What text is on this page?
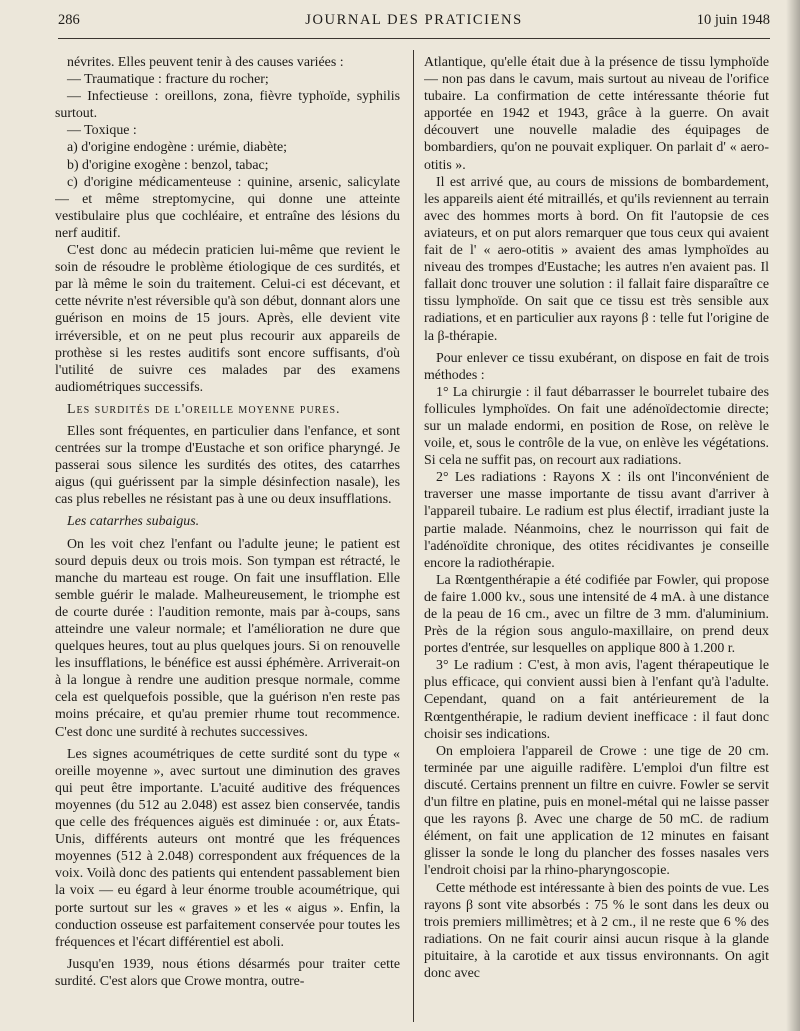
286	JOURNAL DES PRATICIENS	10 juin 1948

névrites. Elles peuvent tenir à des causes variées :

— Traumatique : fracture du rocher;

— Infectieuse : oreillons, zona, fièvre typhoïde, syphilis surtout.

— Toxique :

a) d'origine endogène : urémie, diabète;

b) d'origine exogène : benzol, tabac;

c) d'origine médicamenteuse : quinine, arsenic, salicylate — et même streptomycine, qui donne une atteinte vestibulaire plus que cochléaire, et entraîne des lésions du nerf auditif.

C'est donc au médecin praticien lui-même que revient le soin de résoudre le problème étiologique de ces surdités, et par là même le soin du traitement. Celui-ci est décevant, et cette névrite n'est réversible qu'à son début, donnant alors une guérison en moins de 15 jours. Après, elle devient vite irréversible, et on ne peut plus recourir aux appareils de prothèse si les restes auditifs sont encore suffisants, d'où l'utilité de suivre ces malades par des examens audiométriques successifs.

Les surdités de l'oreille moyenne pures.

Elles sont fréquentes, en particulier dans l'enfance, et sont centrées sur la trompe d'Eustache et son orifice pharyngé. Je passerai sous silence les surdités des otites, des catarrhes aigus (qui guérissent par la simple désinfection nasale), les cas plus rebelles ne résistant pas à une ou deux insufflations.

Les catarrhes subaigus.

On les voit chez l'enfant ou l'adulte jeune; le patient est sourd depuis deux ou trois mois. Son tympan est rétracté, le manche du marteau est rouge. On fait une insufflation. Elle semble guérir le malade. Malheureusement, le triomphe est de courte durée : l'audition remonte, mais par à-coups, sans atteindre une valeur normale; et l'amélioration ne dure que quelques heures, tout au plus quelques jours. Si on renouvelle les insufflations, le bénéfice est aussi éphémère. Arriverait-on à la longue à rendre une audition presque normale, comme cela est quelquefois possible, que la guérison n'en reste pas moins précaire, et qu'au premier rhume tout recommence. C'est donc une surdité à rechutes successives.

Les signes acoumétriques de cette surdité sont du type « oreille moyenne », avec surtout une diminution des graves qui peut être importante. L'acuité auditive des fréquences moyennes (du 512 au 2.048) est assez bien conservée, tandis que celle des fréquences aiguës est diminuée : or, aux États-Unis, différents auteurs ont montré que les fréquences moyennes (512 à 2.048) correspondent aux fréquences de la voix. Voilà donc des patients qui entendent passablement bien la voix — eu égard à leur énorme trouble acoumétrique, qui porte surtout sur les « graves » et les « aigus ». Enfin, la conduction osseuse est parfaitement conservée pour toutes les fréquences et l'écart différentiel est aboli.

Jusqu'en 1939, nous étions désarmés pour traiter cette surdité. C'est alors que Crowe montra, outre-

Atlantique, qu'elle était due à la présence de tissu lymphoïde — non pas dans le cavum, mais surtout au niveau de l'orifice tubaire. La confirmation de cette intéressante théorie fut apportée en 1942 et 1943, grâce à la guerre. On avait découvert une nouvelle maladie des équipages de bombardiers, qu'on ne pouvait expliquer. On parlait d' « aero-otitis ».

Il est arrivé que, au cours de missions de bombardement, les appareils aient été mitraillés, et qu'ils reviennent au terrain avec des hommes morts à bord. On fit l'autopsie de ces aviateurs, et on put alors remarquer que tous ceux qui avaient fait de l' « aero-otitis » avaient des amas lymphoïdes au niveau des trompes d'Eustache; les autres n'en avaient pas. Il fallait donc trouver une solution : il fallait faire disparaître ce tissu lymphoïde. On sait que ce tissu est très sensible aux radiations, et en particulier aux rayons β : telle fut l'origine de la β-thérapie.

Pour enlever ce tissu exubérant, on dispose en fait de trois méthodes :

1° La chirurgie : il faut débarrasser le bourrelet tubaire des follicules lymphoïdes. On fait une adénoïdectomie directe; sur un malade endormi, en position de Rose, on relève le voile, et, sous le contrôle de la vue, on enlève les végétations. Si cela ne suffit pas, on recourt aux radiations.

2° Les radiations : Rayons X : ils ont l'inconvénient de traverser une masse importante de tissu avant d'arriver à l'appareil tubaire. Le radium est plus électif, irradiant juste la partie malade. Néanmoins, chez le nourrisson qui fait de l'adénoïdite chronique, des otites récidivantes je conseille encore la radiothérapie.

La Rœntgenthérapie a été codifiée par Fowler, qui propose de faire 1.000 kv., sous une intensité de 4 mA. à une distance de la peau de 16 cm., avec un filtre de 3 mm. d'aluminium. Près de la région sous angulo-maxillaire, on prend deux portes d'entrée, sur lesquelles on applique 800 à 1.200 r.

3° Le radium : C'est, à mon avis, l'agent thérapeutique le plus efficace, qui convient aussi bien à l'enfant qu'à l'adulte. Cependant, quand on a fait antérieurement de la Rœntgenthérapie, le radium devient inefficace : il faut donc choisir ses indications.

On emploiera l'appareil de Crowe : une tige de 20 cm. terminée par une aiguille radifère. L'emploi d'un filtre est discuté. Certains prennent un filtre en cuivre. Fowler se servit d'un filtre en platine, puis en monel-métal qui ne laisse passer que les rayons β. Avec une charge de 50 mC. de radium élément, on fait une application de 12 minutes en faisant glisser la sonde le long du plancher des fosses nasales vers l'endroit choisi par la rhino-pharyngoscopie.

Cette méthode est intéressante à bien des points de vue. Les rayons β sont vite absorbés : 75 % le sont dans les deux ou trois premiers millimètres; et à 2 cm., il ne reste que 6 % des radiations. On ne fait courir ainsi aucun risque à la glande pituitaire, à la carotide et aux tissus environnants. On agit donc avec
